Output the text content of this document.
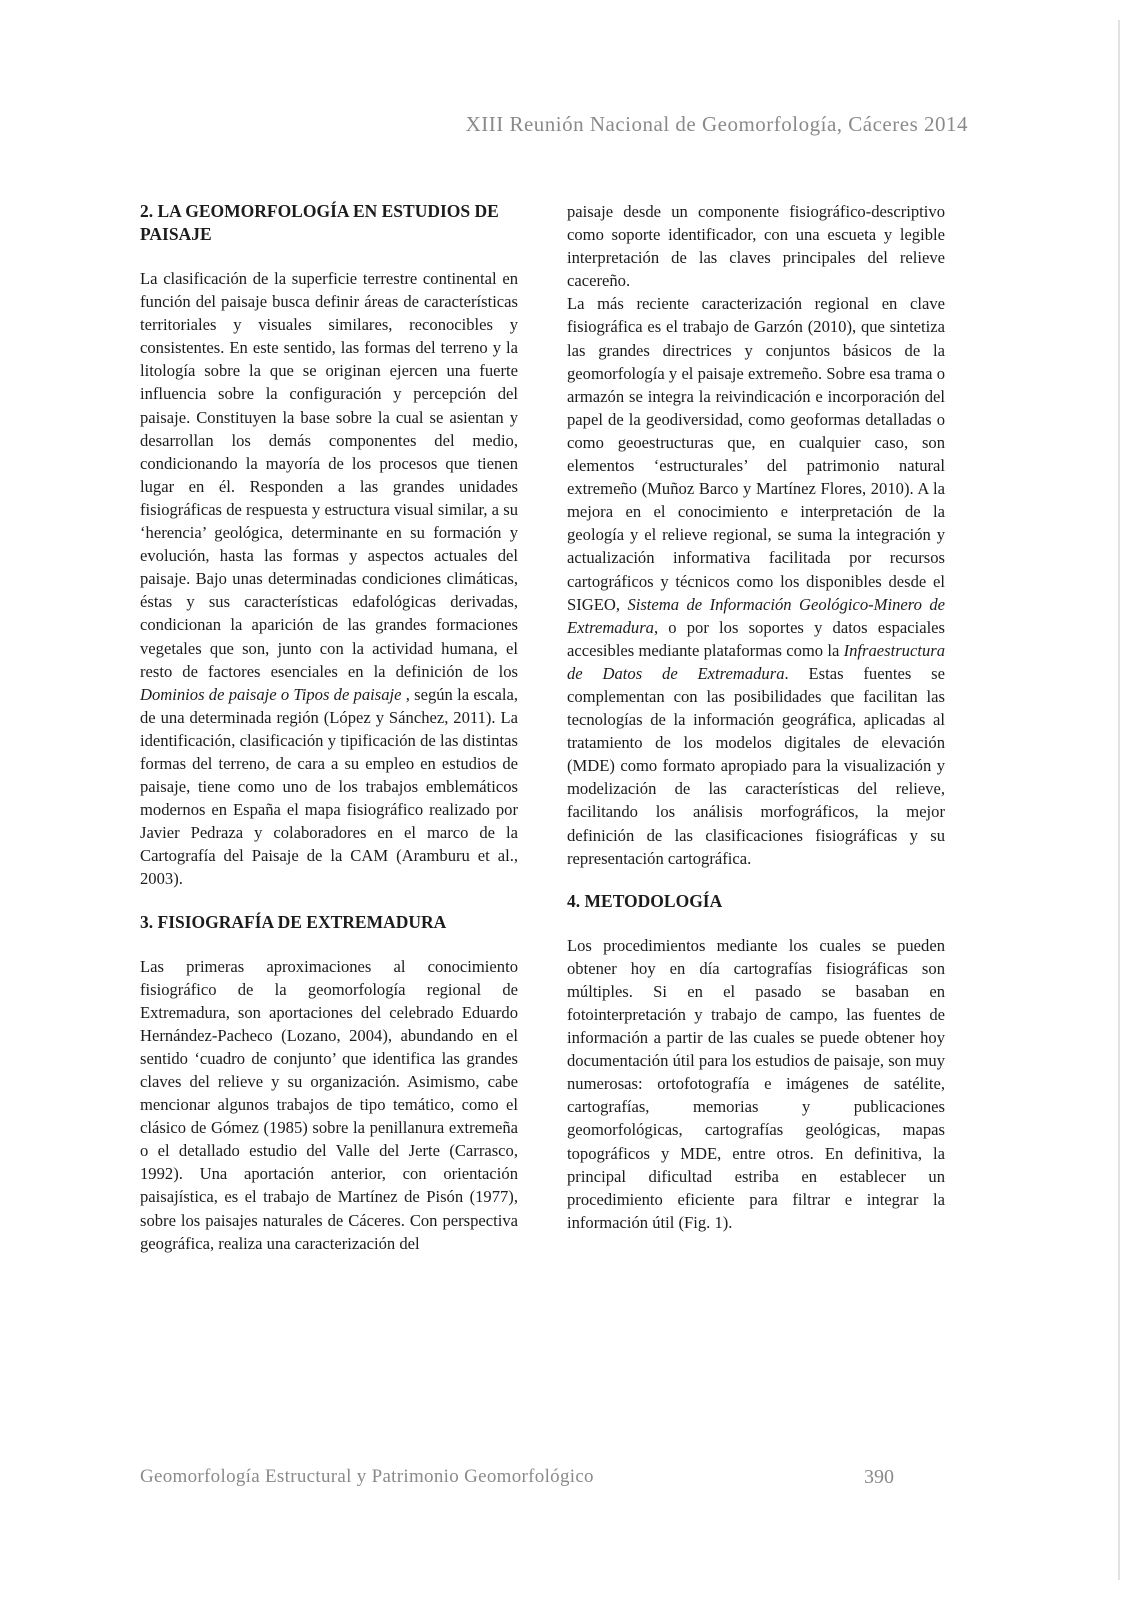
XIII Reunión Nacional de Geomorfología, Cáceres 2014
2. LA GEOMORFOLOGÍA EN ESTUDIOS DE PAISAJE

La clasificación de la superficie terrestre continental en función del paisaje busca definir áreas de características territoriales y visuales similares, reconocibles y consistentes. En este sentido, las formas del terreno y la litología sobre la que se originan ejercen una fuerte influencia sobre la configuración y percepción del paisaje. Constituyen la base sobre la cual se asientan y desarrollan los demás componentes del medio, condicionando la mayoría de los procesos que tienen lugar en él. Responden a las grandes unidades fisiográficas de respuesta y estructura visual similar, a su ‘herencia’ geológica, determinante en su formación y evolución, hasta las formas y aspectos actuales del paisaje. Bajo unas determinadas condiciones climáticas, éstas y sus características edafológicas derivadas, condicionan la aparición de las grandes formaciones vegetales que son, junto con la actividad humana, el resto de factores esenciales en la definición de los Dominios de paisaje o Tipos de paisaje , según la escala, de una determinada región (López y Sánchez, 2011). La identificación, clasificación y tipificación de las distintas formas del terreno, de cara a su empleo en estudios de paisaje, tiene como uno de los trabajos emblemáticos modernos en España el mapa fisiográfico realizado por Javier Pedraza y colaboradores en el marco de la Cartografía del Paisaje de la CAM (Aramburu et al., 2003).

3. FISIOGRAFÍA DE EXTREMADURA

Las primeras aproximaciones al conocimiento fisiográfico de la geomorfología regional de Extremadura, son aportaciones del celebrado Eduardo Hernández-Pacheco (Lozano, 2004), abundando en el sentido ‘cuadro de conjunto’ que identifica las grandes claves del relieve y su organización. Asimismo, cabe mencionar algunos trabajos de tipo temático, como el clásico de Gómez (1985) sobre la penillanura extremeña o el detallado estudio del Valle del Jerte (Carrasco, 1992). Una aportación anterior, con orientación paisajística, es el trabajo de Martínez de Pisón (1977), sobre los paisajes naturales de Cáceres. Con perspectiva geográfica, realiza una caracterización del

paisaje desde un componente fisiográfico-descriptivo como soporte identificador, con una escueta y legible interpretación de las claves principales del relieve cacereño.

La más reciente caracterización regional en clave fisiográfica es el trabajo de Garzón (2010), que sintetiza las grandes directrices y conjuntos básicos de la geomorfología y el paisaje extremeño. Sobre esa trama o armazón se integra la reivindicación e incorporación del papel de la geodiversidad, como geoformas detalladas o como geoestructuras que, en cualquier caso, son elementos ‘estructurales’ del patrimonio natural extremeño (Muñoz Barco y Martínez Flores, 2010). A la mejora en el conocimiento e interpretación de la geología y el relieve regional, se suma la integración y actualización informativa facilitada por recursos cartográficos y técnicos como los disponibles desde el SIGEO, Sistema de Información Geológico-Minero de Extremadura, o por los soportes y datos espaciales accesibles mediante plataformas como la Infraestructura de Datos de Extremadura. Estas fuentes se complementan con las posibilidades que facilitan las tecnologías de la información geográfica, aplicadas al tratamiento de los modelos digitales de elevación (MDE) como formato apropiado para la visualización y modelización de las características del relieve, facilitando los análisis morfográficos, la mejor definición de las clasificaciones fisiográficas y su representación cartográfica.

4. METODOLOGÍA

Los procedimientos mediante los cuales se pueden obtener hoy en día cartografías fisiográficas son múltiples. Si en el pasado se basaban en fotointerpretación y trabajo de campo, las fuentes de información a partir de las cuales se puede obtener hoy documentación útil para los estudios de paisaje, son muy numerosas: ortofotografía e imágenes de satélite, cartografías, memorias y publicaciones geomorfológicas, cartografías geológicas, mapas topográficos y MDE, entre otros. En definitiva, la principal dificultad estriba en establecer un procedimiento eficiente para filtrar e integrar la información útil (Fig. 1).

Geomorfología Estructural y Patrimonio Geomorfológico	390
